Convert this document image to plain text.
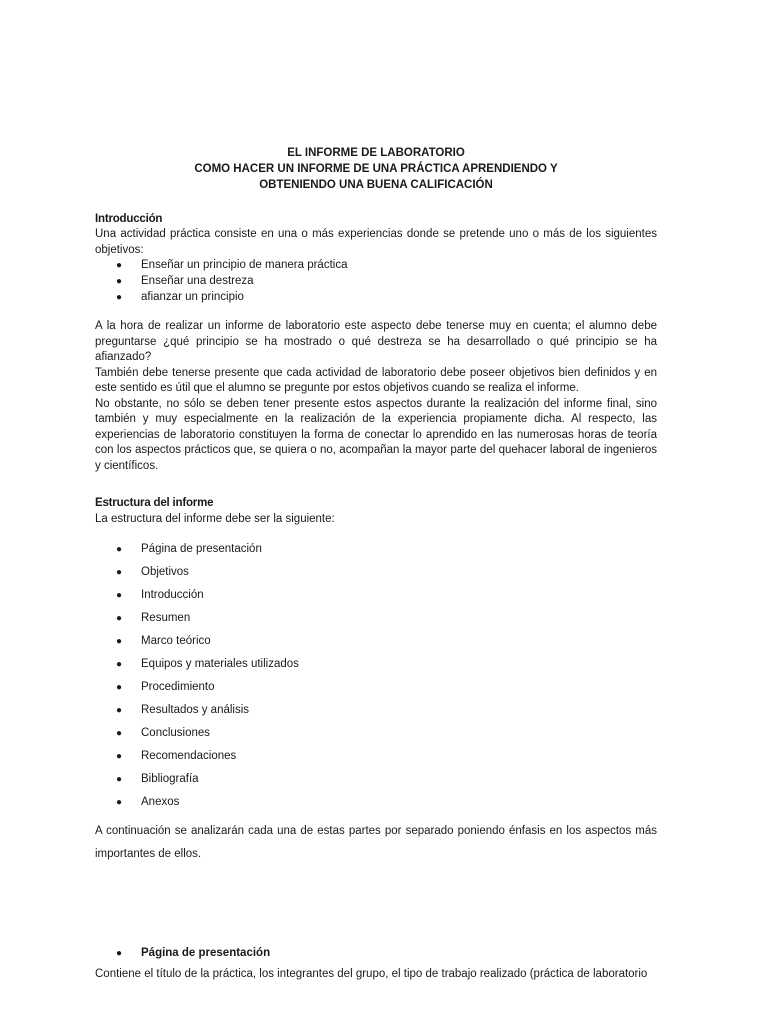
EL INFORME DE LABORATORIO
COMO HACER UN INFORME DE UNA PRÁCTICA APRENDIENDO Y
OBTENIENDO UNA BUENA CALIFICACIÓN
Introducción
Una actividad práctica consiste en una o más experiencias donde se pretende uno o más de los siguientes objetivos:
●	Enseñar un principio de manera práctica
●	Enseñar una destreza
●	afianzar un principio
A la hora de realizar un informe de laboratorio este aspecto debe tenerse muy en cuenta; el alumno debe preguntarse ¿qué principio se ha mostrado o qué destreza se ha desarrollado o qué principio se ha afianzado?
También debe tenerse presente que cada actividad de laboratorio debe poseer objetivos bien definidos y en este sentido es útil que el alumno se pregunte por estos objetivos cuando se realiza el informe.
No obstante, no sólo se deben tener presente estos aspectos durante la realización del informe final, sino también y muy especialmente en la realización de la experiencia propiamente dicha. Al respecto, las experiencias de laboratorio constituyen la forma de conectar lo aprendido en las numerosas horas de teoría con los aspectos prácticos que, se quiera o no, acompañan la mayor parte del quehacer laboral de ingenieros y científicos.
Estructura del informe
La estructura del informe debe ser la siguiente:
●	Página de presentación
●	Objetivos
●	Introducción
●	Resumen
●	Marco teórico
●	Equipos y materiales utilizados
●	Procedimiento
●	Resultados y análisis
●	Conclusiones
●	Recomendaciones
●	Bibliografía
●	Anexos
A continuación se analizarán cada una de estas partes por separado poniendo énfasis en los aspectos más importantes de ellos.
●	Página de presentación
Contiene el título de la práctica, los integrantes del grupo, el tipo de trabajo realizado (práctica de laboratorio
